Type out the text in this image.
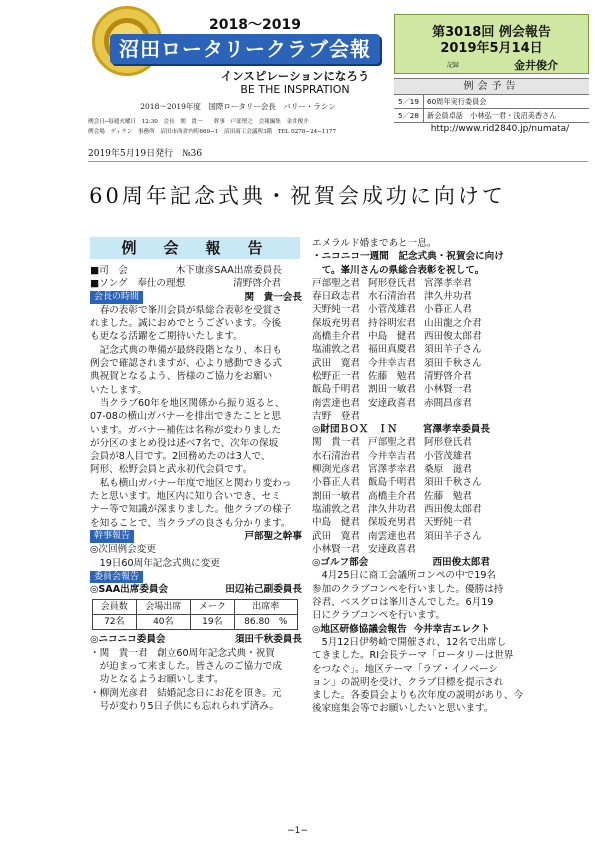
2018〜2019
沼田ロータリークラブ会報
インスピレーションになろう
BE THE INSPRATION
2018〜2019年度　国際ロータリー会長　バリー・ラシン
例会日─毎週火曜日　12:30　会長　関　貴一　　幹事　戸部聖之　会報編集　金井俊介
例会場　ディラン　事務所　沼田市西倉内町669−1　沼田商工会議所3階　TEL 0278−24−1177
第3018回 例会報告
2019年5月14日
記録	金井俊介
例会予告
5／19	60周年実行委員会
5／28	新会員卓話　小林弘一君・浅沼美香さん
http://www.rid2840.jp/numata/
2019年5月19日発行　№36
60周年記念式典・祝賀会成功に向けて
例　会　報　告
■司　会　　　　　木下康彦SAA出席委員長
■ソング　奉仕の理想　　　　　清野啓介君
会長の時間	関　貴一会長
　春の表彰で峯川会員が県総合表彰を受賞さ
れました。誠におめでとうございます。今後
も更なる活躍をご期待いたします。
　記念式典の準備が最終段階となり、本日も
例会で確認されますが、心より感動できる式
典祝賀となるよう、皆様のご協力をお願い
いたします。
　当クラブ60年を地区関係から振り返ると、
07-08の横山ガバナーを排出できたことと思
います。ガバナー補佐は名称が変わりました
が分区のまとめ役は述べ7名で、次年の保坂
会員が8人目です。2回務めたのは3人で、
阿形、松野会員と武永初代会員です。
　私も横山ガバナー年度で地区と関わり変わっ
たと思います。地区内に知り合いでき、セミ
ナー等で知識が深まりました。他クラブの様子
を知ることで、当クラブの良さも分かります。
幹事報告	戸部聖之幹事
◎次回例会変更
　19日60周年記念式典に変更
委員会報告
◎SAA出席委員会	田辺祐己副委員長
会員数	会場出席	メーク	出席率
72名	40名	19名	86.80　%
◎ニコニコ委員会	須田千秋委員長
・関　貴一君　創立60周年記念式典・祝賀
　が迫まって来ました。皆さんのご協力で成
　功となるようお願いします。
・柳渕光彦君　結婚記念日にお花を頂き。元
　号が変わり5日子供にも忘れられず済み。
エメラルド婚まであと一息。
・ニコニコ一週間　記念式典・祝賀会に向け
　て。峯川さんの県総合表彰を祝して。
戸部聖之君 阿形登氏君 宮澤孝幸君
春日政志君 水石清治君 津久井功君
天野純一君 小菅茂雄君 小暮正人君
保坂充男君 持谷明宏君 山田龍之介君
高橋圭介君 中島　健君 西田俊太郎君
塩浦敦之君 福田真慶君 須田羊子さん
武田　寛君 今井幸吉君 須田千秋さん
松野正一君 佐藤　勉君 清野啓介君
飯島千明君 割田一敏君 小林賢一君
南雲達也君 安達政喜君 赤間昌彦君
吉野　登君
◎財団ＢＯＸ　ＩＮ	宮澤孝幸委員長
関　貴一君 戸部聖之君 阿形登氏君
水石清治君 今井幸吉君 小菅茂雄君
柳渕光彦君 宮澤孝幸君 桑原　滋君
小暮正人君 飯島千明君 須田千秋さん
割田一敏君 高橋圭介君 佐藤　勉君
塩浦敦之君 津久井功君 西田俊太郎君
中島　健君 保坂充男君 天野純一君
武田　寛君 南雲達也君 須田羊子さん
小林賢一君 安達政喜君
◎ゴルフ部会	西田俊太郎君
　4月25日に商工会議所コンペの中で19名
参加のクラブコンペを行いました。優勝は持
谷君、ベスグロは峯川さんでした。6月19
日にクラブコンペを行います。
◎地区研修協議会報告 今井幸吉エレクト
　5月12日伊勢崎で開催され、12名で出席し
てきました。RI会長テーマ「ロータリーは世界
をつなぐ」。地区テーマ「ラブ・イノベーシ
ョン」の説明を受け、クラブ目標を提示され
ました。各委員会よりも次年度の説明があり、今
後家庭集会等でお願いしたいと思います。
−1−
